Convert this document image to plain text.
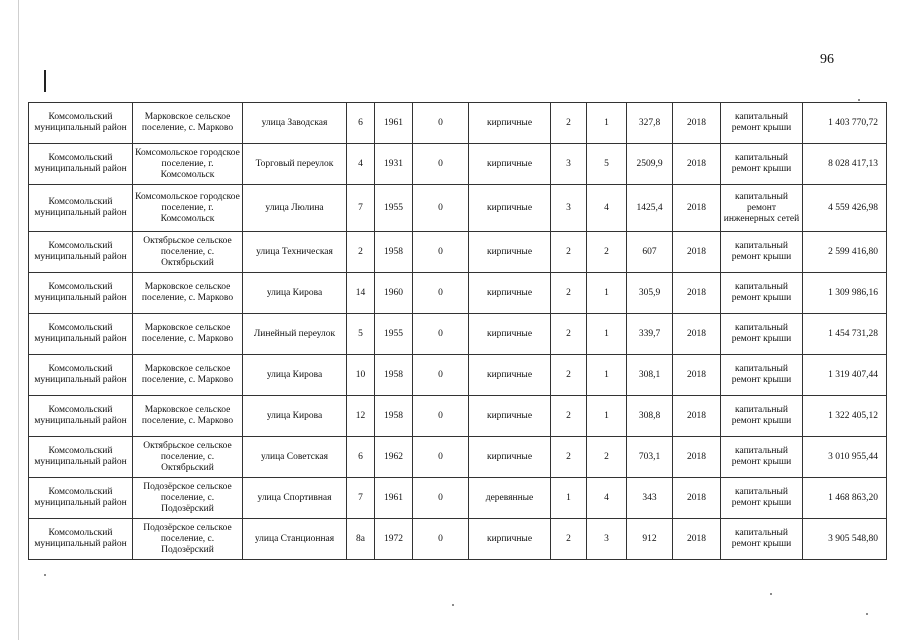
96
Комсомольский муниципальный район	Марковское сельское поселение, с. Марково	улица Заводская	6	1961	0	кирпичные	2	1	327,8	2018	капитальный ремонт крыши	1 403 770,72
Комсомольский муниципальный район	Комсомольское городское поселение, г. Комсомольск	Торговый переулок	4	1931	0	кирпичные	3	5	2509,9	2018	капитальный ремонт крыши	8 028 417,13
Комсомольский муниципальный район	Комсомольское городское поселение, г. Комсомольск	улица Люлина	7	1955	0	кирпичные	3	4	1425,4	2018	капитальный ремонт инженерных сетей	4 559 426,98
Комсомольский муниципальный район	Октябрьское сельское поселение, с. Октябрьский	улица Техническая	2	1958	0	кирпичные	2	2	607	2018	капитальный ремонт крыши	2 599 416,80
Комсомольский муниципальный район	Марковское сельское поселение, с. Марково	улица Кирова	14	1960	0	кирпичные	2	1	305,9	2018	капитальный ремонт крыши	1 309 986,16
Комсомольский муниципальный район	Марковское сельское поселение, с. Марково	Линейный переулок	5	1955	0	кирпичные	2	1	339,7	2018	капитальный ремонт крыши	1 454 731,28
Комсомольский муниципальный район	Марковское сельское поселение, с. Марково	улица Кирова	10	1958	0	кирпичные	2	1	308,1	2018	капитальный ремонт крыши	1 319 407,44
Комсомольский муниципальный район	Марковское сельское поселение, с. Марково	улица Кирова	12	1958	0	кирпичные	2	1	308,8	2018	капитальный ремонт крыши	1 322 405,12
Комсомольский муниципальный район	Октябрьское сельское поселение, с. Октябрьский	улица Советская	6	1962	0	кирпичные	2	2	703,1	2018	капитальный ремонт крыши	3 010 955,44
Комсомольский муниципальный район	Подозёрское сельское поселение, с. Подозёрский	улица Спортивная	7	1961	0	деревянные	1	4	343	2018	капитальный ремонт крыши	1 468 863,20
Комсомольский муниципальный район	Подозёрское сельское поселение, с. Подозёрский	улица Станционная	8а	1972	0	кирпичные	2	3	912	2018	капитальный ремонт крыши	3 905 548,80
